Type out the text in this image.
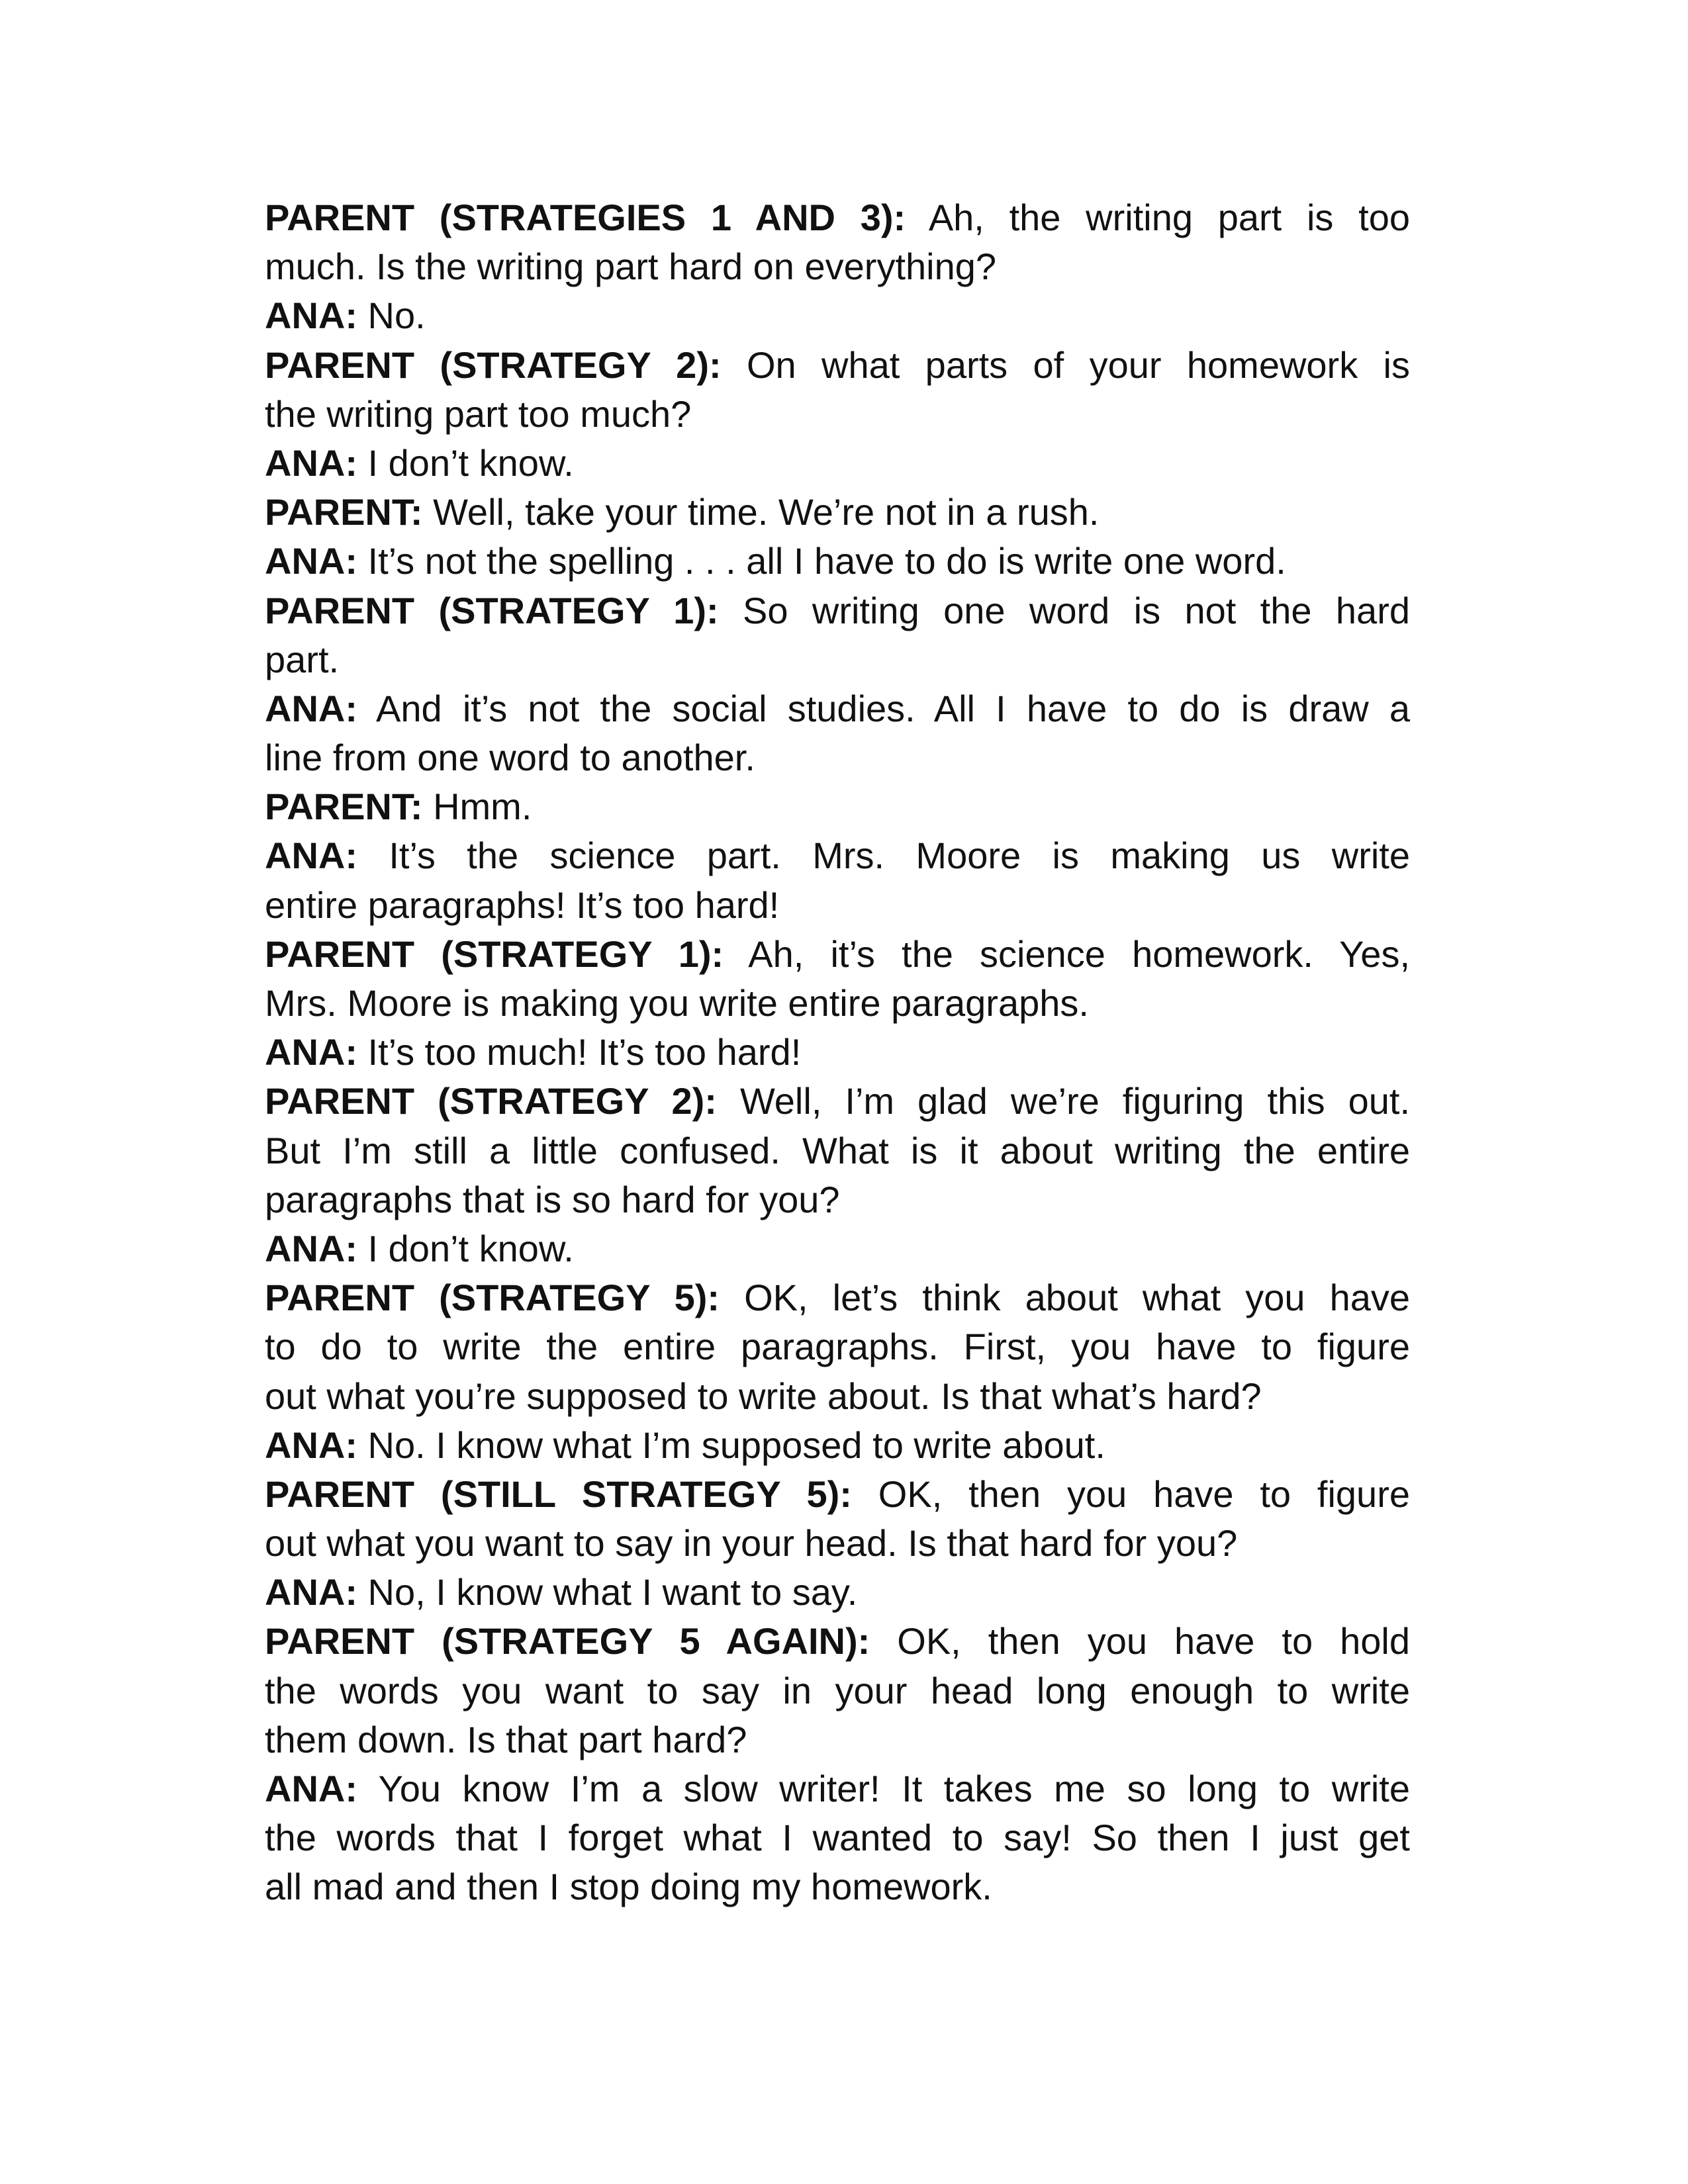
PARENT (STRATEGIES 1 AND 3): Ah, the writing part is too
much. Is the writing part hard on everything?
ANA: No.
PARENT (STRATEGY 2): On what parts of your homework is
the writing part too much?
ANA: I don’t know.
PARENT: Well, take your time. We’re not in a rush.
ANA: It’s not the spelling . . . all I have to do is write one word.
PARENT (STRATEGY 1): So writing one word is not the hard
part.
ANA: And it’s not the social studies. All I have to do is draw a
line from one word to another.
PARENT: Hmm.
ANA: It’s the science part. Mrs. Moore is making us write
entire paragraphs! It’s too hard!
PARENT (STRATEGY 1): Ah, it’s the science homework. Yes,
Mrs. Moore is making you write entire paragraphs.
ANA: It’s too much! It’s too hard!
PARENT (STRATEGY 2): Well, I’m glad we’re figuring this out.
But I’m still a little confused. What is it about writing the entire
paragraphs that is so hard for you?
ANA: I don’t know.
PARENT (STRATEGY 5): OK, let’s think about what you have
to do to write the entire paragraphs. First, you have to figure
out what you’re supposed to write about. Is that what’s hard?
ANA: No. I know what I’m supposed to write about.
PARENT (STILL STRATEGY 5): OK, then you have to figure
out what you want to say in your head. Is that hard for you?
ANA: No, I know what I want to say.
PARENT (STRATEGY 5 AGAIN): OK, then you have to hold
the words you want to say in your head long enough to write
them down. Is that part hard?
ANA: You know I’m a slow writer! It takes me so long to write
the words that I forget what I wanted to say! So then I just get
all mad and then I stop doing my homework.
